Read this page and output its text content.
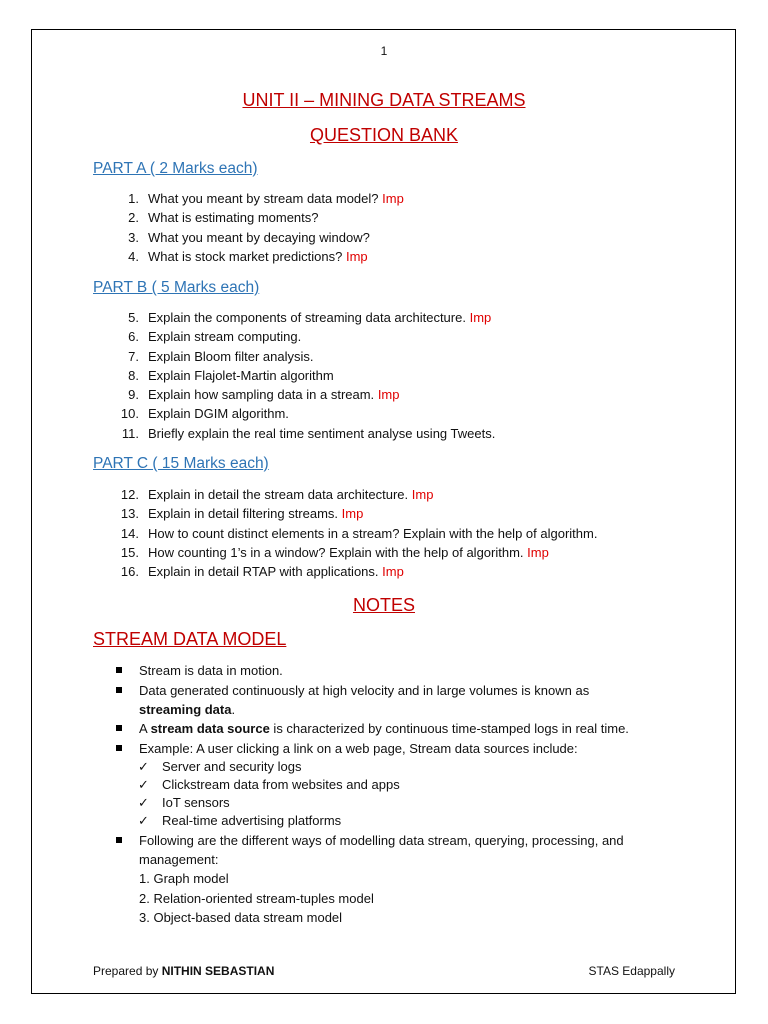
1
UNIT II – MINING DATA STREAMS
QUESTION BANK
PART A ( 2 Marks each)
1. What you meant by stream data model? Imp
2. What is estimating moments?
3. What you meant by decaying window?
4. What is stock market predictions? Imp
PART B ( 5 Marks each)
5. Explain the components of streaming data architecture. Imp
6. Explain stream computing.
7. Explain Bloom filter analysis.
8. Explain Flajolet-Martin algorithm
9. Explain how sampling data in a stream. Imp
10. Explain DGIM algorithm.
11. Briefly explain the real time sentiment analyse using Tweets.
PART C ( 15 Marks each)
12. Explain in detail the stream data architecture. Imp
13. Explain in detail filtering streams. Imp
14. How to count distinct elements in a stream? Explain with the help of algorithm.
15. How counting 1’s in a window? Explain with the help of algorithm. Imp
16. Explain in detail RTAP with applications. Imp
NOTES
STREAM DATA MODEL
Stream is data in motion.
Data generated continuously at high velocity and in large volumes is known as
streaming data.
A stream data source is characterized by continuous time-stamped logs in real time.
Example: A user clicking a link on a web page, Stream data sources include:
✓ Server and security logs
✓ Clickstream data from websites and apps
✓ IoT sensors
✓ Real-time advertising platforms
Following are the different ways of modelling data stream, querying, processing, and management:
1. Graph model
2. Relation-oriented stream-tuples model
3. Object-based data stream model
Prepared by NITHIN SEBASTIAN	STAS Edappally
